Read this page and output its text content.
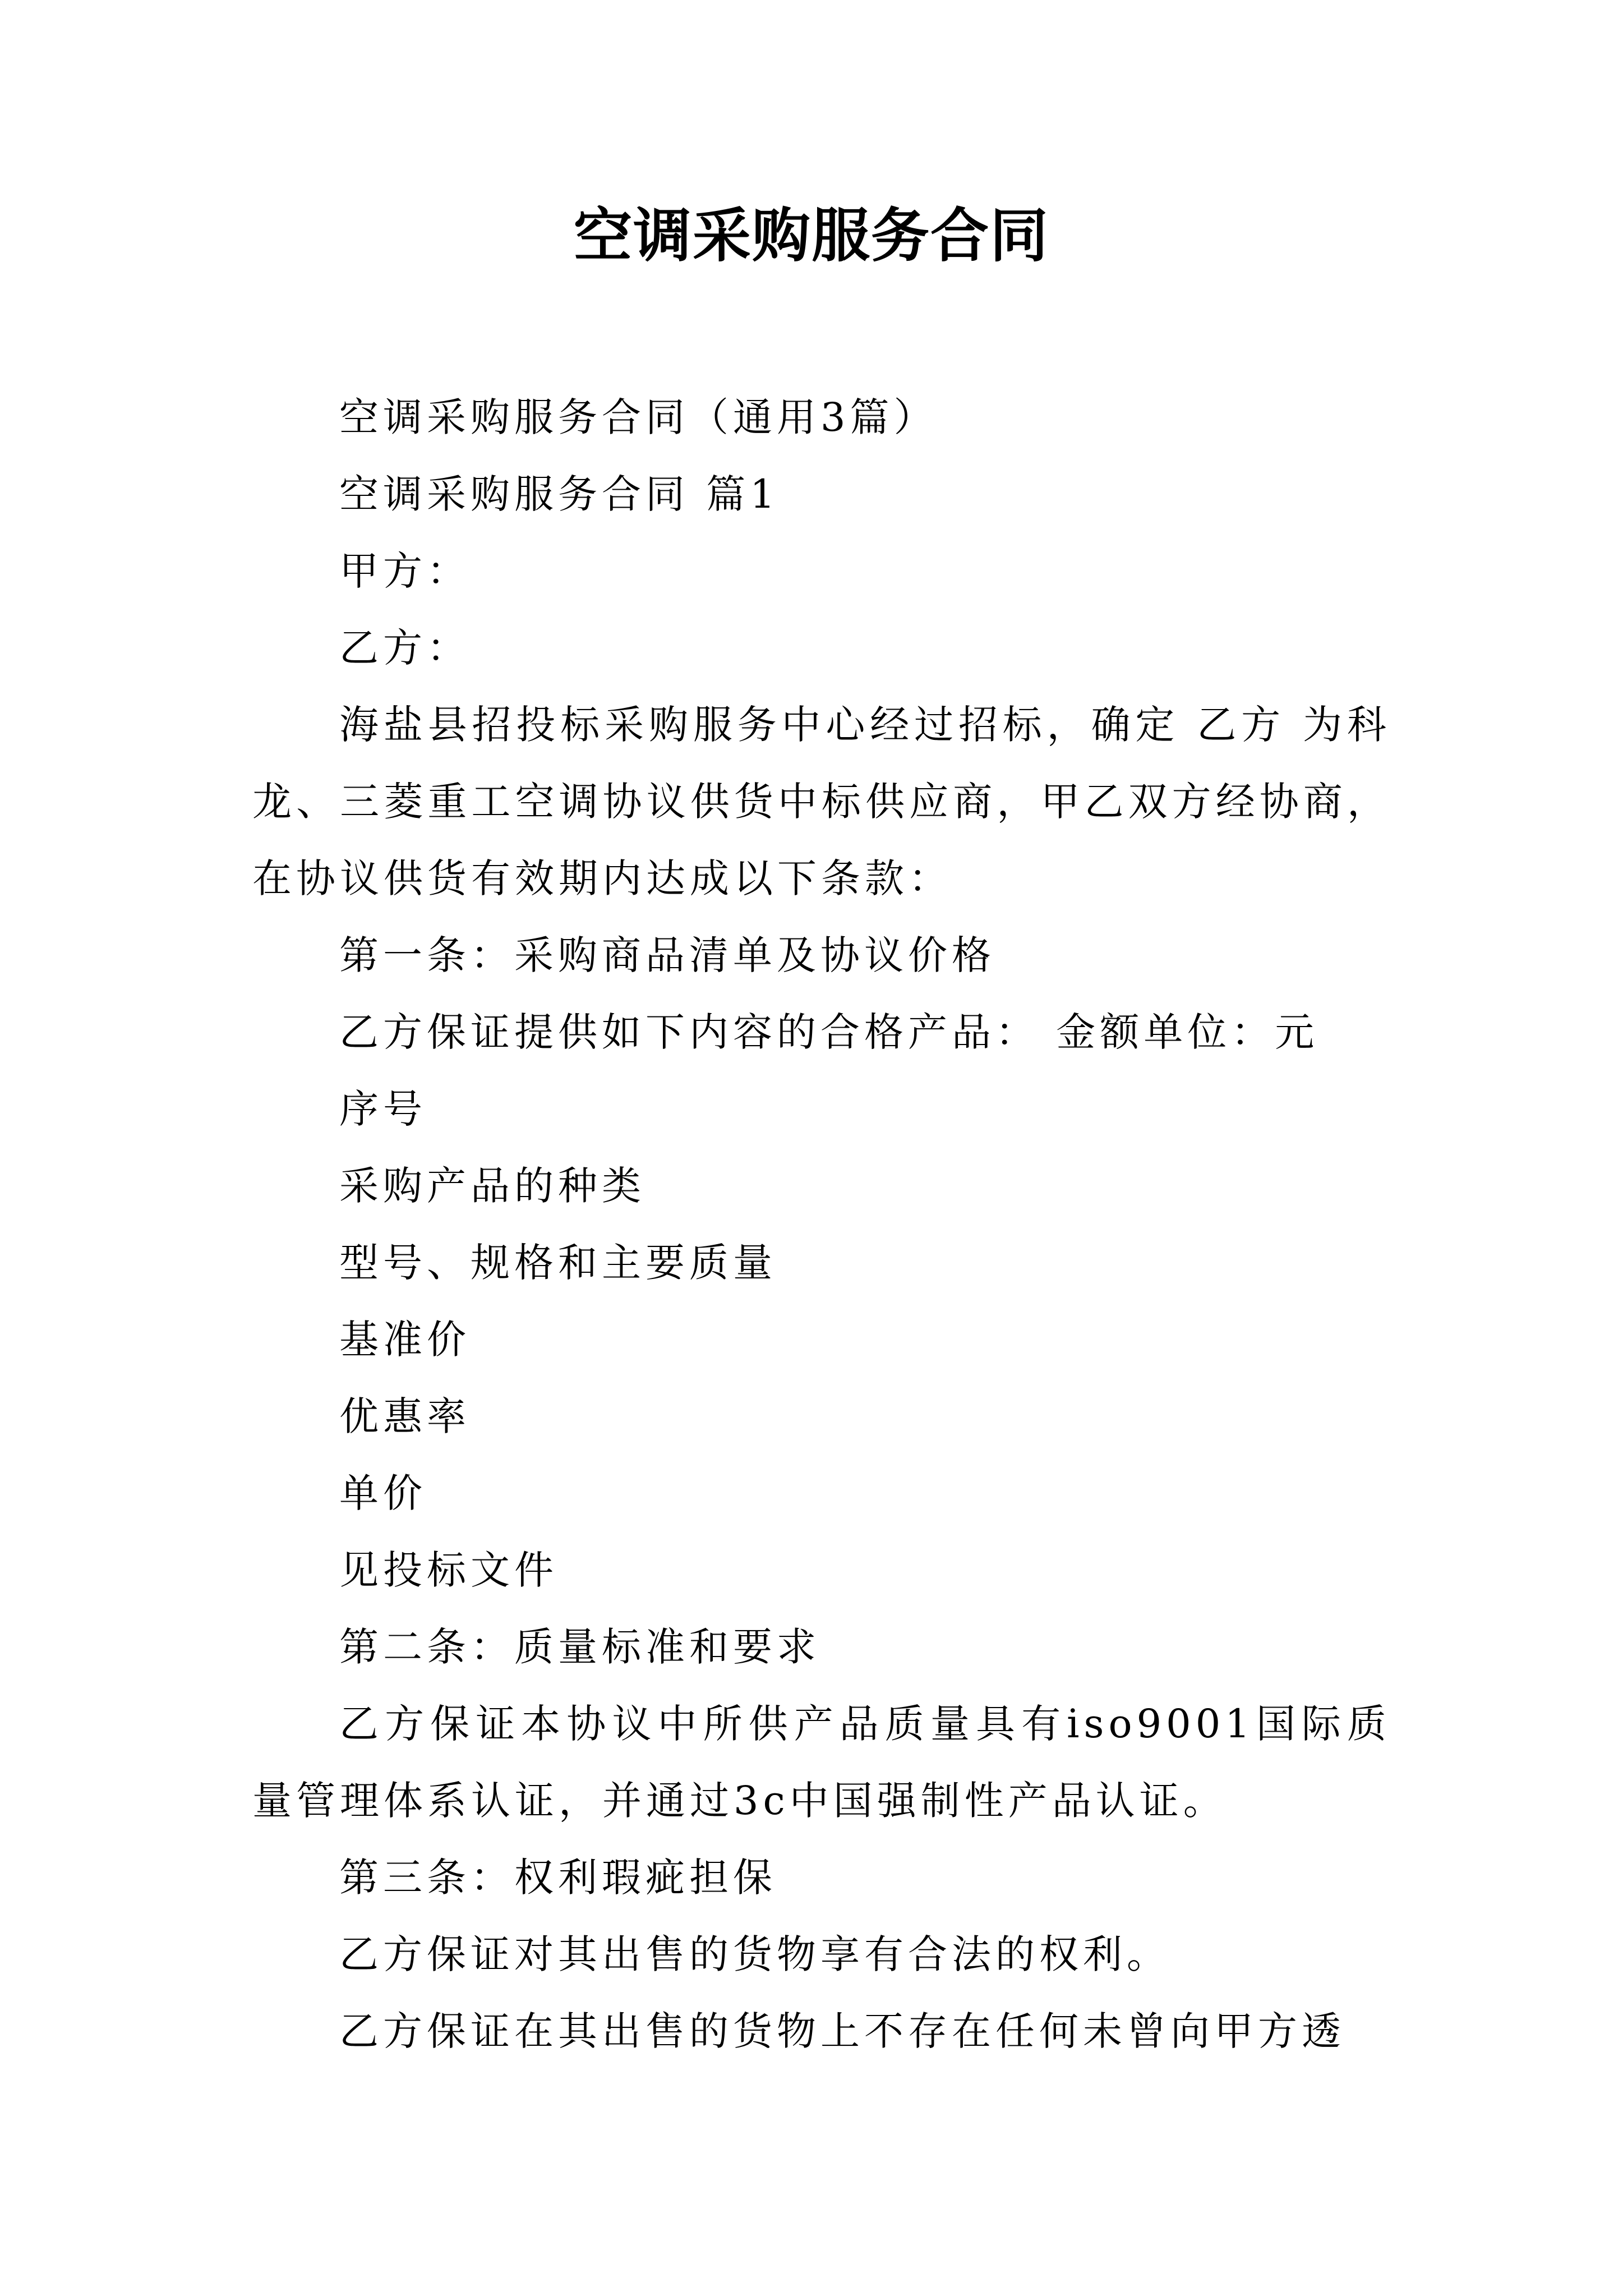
空调采购服务合同

空调采购服务合同（通用3篇）

空调采购服务合同 篇1

甲方：

乙方：

海盐县招投标采购服务中心经过招标，确定 乙方 为科龙、三菱重工空调协议供货中标供应商，甲乙双方经协商，在协议供货有效期内达成以下条款：

第一条：采购商品清单及协议价格

乙方保证提供如下内容的合格产品： 金额单位：元

序号

采购产品的种类

型号、规格和主要质量

基准价

优惠率

单价

见投标文件

第二条：质量标准和要求

乙方保证本协议中所供产品质量具有iso9001国际质量管理体系认证，并通过3c中国强制性产品认证。

第三条：权利瑕疵担保

乙方保证对其出售的货物享有合法的权利。

乙方保证在其出售的货物上不存在任何未曾向甲方透
